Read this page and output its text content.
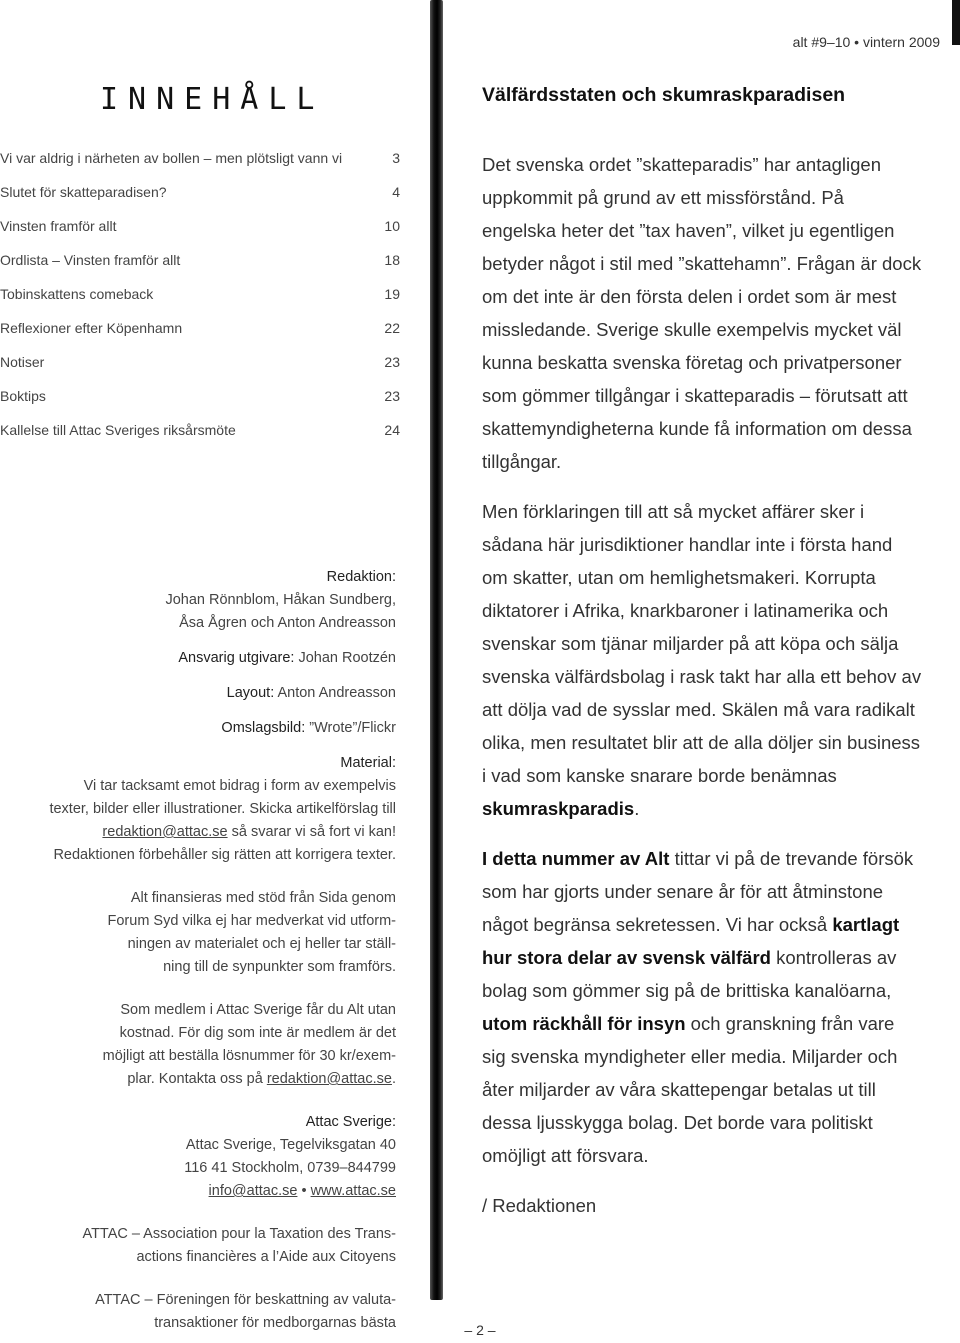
alt #9–10 • vintern 2009
INNEHÅLL
Vi var aldrig i närheten av bollen – men plötsligt vann vi	3
Slutet för skatteparadisen?	4
Vinsten framför allt	10
Ordlista – Vinsten framför allt	18
Tobinskattens comeback	19
Reflexioner efter Köpenhamn	22
Notiser	23
Boktips	23
Kallelse till Attac Sveriges riksårsmöte	24

Redaktion:

Johan Rönnblom, Håkan Sundberg,

Åsa Ågren och Anton Andreasson

Ansvarig utgivare: Johan Rootzén

Layout: Anton Andreasson

Omslagsbild: ”Wrote”/Flickr

Material:

Vi tar tacksamt emot bidrag i form av exempelvis

texter, bilder eller illustrationer. Skicka artikelförslag till

redaktion@attac.se så svarar vi så fort vi kan!

Redaktionen förbehåller sig rätten att korrigera texter.

Alt finansieras med stöd från Sida genom

Forum Syd vilka ej har medverkat vid utform-

ningen av materialet och ej heller tar ställ-

ning till de synpunkter som framförs.

Som medlem i Attac Sverige får du Alt utan

kostnad. För dig som inte är medlem är det

möjligt att beställa lösnummer för 30 kr/exem-

plar. Kontakta oss på redaktion@attac.se.

Attac Sverige:

Attac Sverige, Tegelviksgatan 40

116 41 Stockholm, 0739–844799

info@attac.se • www.attac.se

ATTAC – Association pour la Taxation des Trans-

actions financières a l’Aide aux Citoyens

ATTAC – Föreningen för beskattning av valuta-

transaktioner för medborgarnas bästa

Välfärdsstaten och skumraskparadisen

Det svenska ordet ”skatteparadis” har antagligen uppkommit på grund av ett missförstånd. På engelska heter det ”tax haven”, vilket ju egentligen betyder något i stil med ”skattehamn”. Frågan är dock om det inte är den första delen i ordet som är mest missledande. Sverige skulle exempelvis mycket väl kunna beskatta svenska företag och privatpersoner som gömmer tillgångar i skatteparadis – förutsatt att skattemyndigheterna kunde få information om dessa tillgångar.

Men förklaringen till att så mycket affärer sker i sådana här jurisdiktioner handlar inte i första hand om skatter, utan om hemlighetsmakeri. Korrupta diktatorer i Afrika, knarkbaroner i latinamerika och svenskar som tjänar miljarder på att köpa och sälja svenska välfärdsbolag i rask takt har alla ett behov av att dölja vad de sysslar med. Skälen må vara radikalt olika, men resultatet blir att de alla döljer sin business i vad som kanske snarare borde benämnas skumraskparadis.

I detta nummer av Alt tittar vi på de trevande försök som har gjorts under senare år för att åtminstone något begränsa sekretessen. Vi har också kartlagt hur stora delar av svensk välfärd kontrolleras av bolag som gömmer sig på de brittiska kanalöarna, utom räckhåll för insyn och granskning från vare sig svenska myndigheter eller media. Miljarder och åter miljarder av våra skattepengar betalas ut till dessa ljusskygga bolag. Det borde vara politiskt omöjligt att försvara.

/ Redaktionen

– 2 –
